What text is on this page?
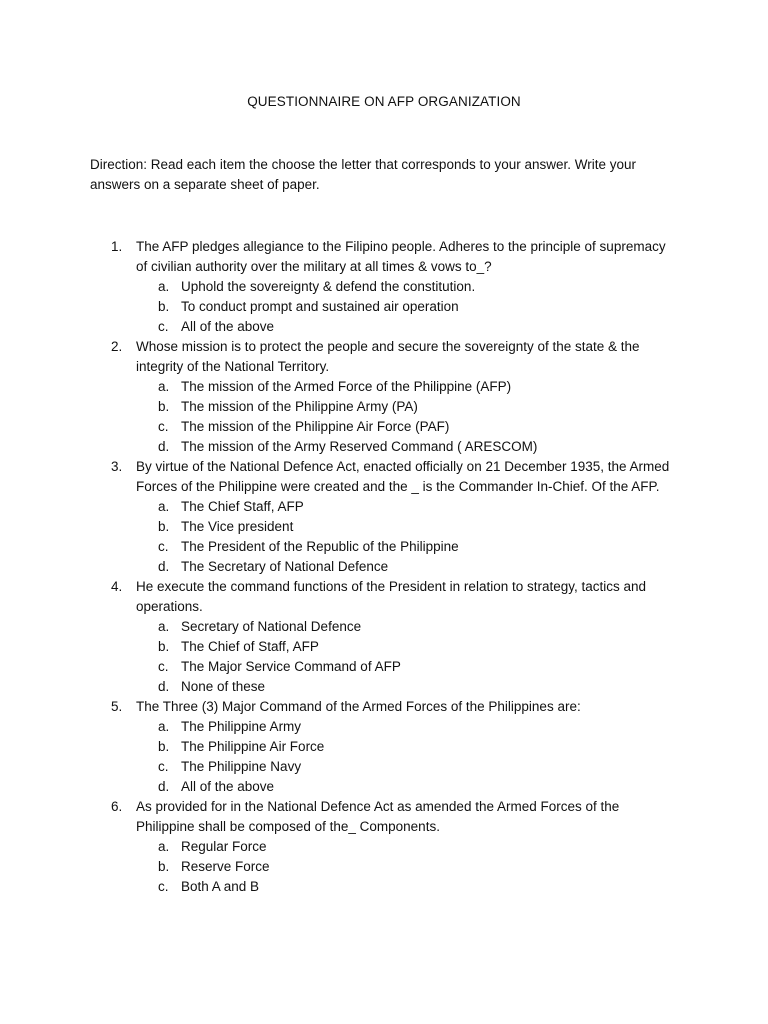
QUESTIONNAIRE ON AFP ORGANIZATION
Direction: Read each item the choose the letter that corresponds to your answer. Write your answers on a separate sheet of paper.
1.	The AFP pledges allegiance to the Filipino people. Adheres to the principle of supremacy of civilian authority over the military at all times & vows to_?
a. Uphold the sovereignty & defend the constitution.
b. To conduct prompt and sustained air operation
c. All of the above
2.	Whose mission is to protect the people and secure the sovereignty of the state & the integrity of the National Territory.
a. The mission of the Armed Force of the Philippine (AFP)
b. The mission of the Philippine Army (PA)
c. The mission of the Philippine Air Force (PAF)
d. The mission of the Army Reserved Command ( ARESCOM)
3.	By virtue of the National Defence Act, enacted officially on 21 December 1935, the Armed Forces of the Philippine were created and the _ is the Commander In-Chief. Of the AFP.
a. The Chief Staff, AFP
b. The Vice president
c. The President of the Republic of the Philippine
d. The Secretary of National Defence
4.	He execute the command functions of the President in relation to strategy, tactics and operations.
a. Secretary of National Defence
b. The Chief of Staff, AFP
c. The Major Service Command of AFP
d. None of these
5.	The Three (3) Major Command of the Armed Forces of the Philippines are:
a. The Philippine Army
b. The Philippine Air Force
c. The Philippine Navy
d. All of the above
6.	As provided for in the National Defence Act as amended the Armed Forces of the Philippine shall be composed of the_ Components.
a. Regular Force
b. Reserve Force
c. Both A and B
